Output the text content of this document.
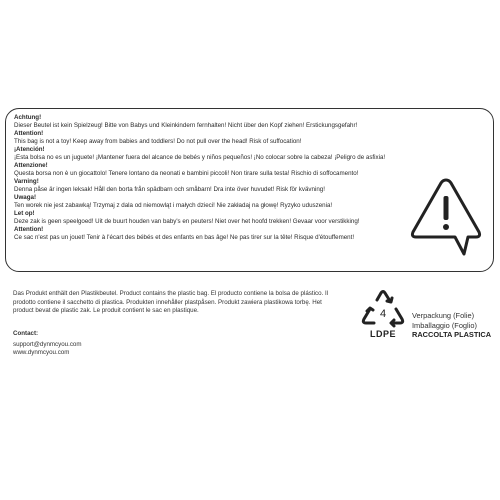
Achtung!
Dieser Beutel ist kein Spielzeug! Bitte von Babys und Kleinkindern fernhalten! Nicht über den Kopf ziehen! Erstickungsgefahr!
Attention!
This bag is not a toy! Keep away from babies and toddlers! Do not pull over the head! Risk of suffocation!
¡Atención!
¡Esta bolsa no es un juguete! ¡Mantener fuera del alcance de bebés y niños pequeños! ¡No colocar sobre la cabeza! ¡Peligro de asfixia!
Attenzione!
Questa borsa non è un giocattolo! Tenere lontano da neonati e bambini piccoli! Non tirare sulla testa! Rischio di soffocamento!
Varning!
Denna påse är ingen leksak! Håll den borta från spädbarn och småbarn! Dra inte över huvudet! Risk för kvävning!
Uwaga!
Ten worek nie jest zabawką! Trzymaj z dala od niemowląt i małych dzieci! Nie zakładaj na głowę! Ryzyko uduszenia!
Let op!
Deze zak is geen speelgoed! Uit de buurt houden van baby's en peuters! Niet over het hoofd trekken! Gevaar voor verstikking!
Attention!
Ce sac n'est pas un jouet! Tenir à l'écart des bébés et des enfants en bas âge! Ne pas tirer sur la tête! Risque d'étouffement!
Das Produkt enthält den Plastikbeutel. Product contains the plastic bag. El producto contiene la bolsa de plástico. Il prodotto contiene il sacchetto di plastica. Produkten innehåller plastpåsen. Produkt zawiera plastikowa torbę. Het product bevat de plastic zak. Le produit contient le sac en plastique.
Contact:
support@dynmcyou.com
www.dynmcyou.com
4
LDPE
Verpackung (Folie)
Imballaggio (Foglio)
RACCOLTA PLASTICA
